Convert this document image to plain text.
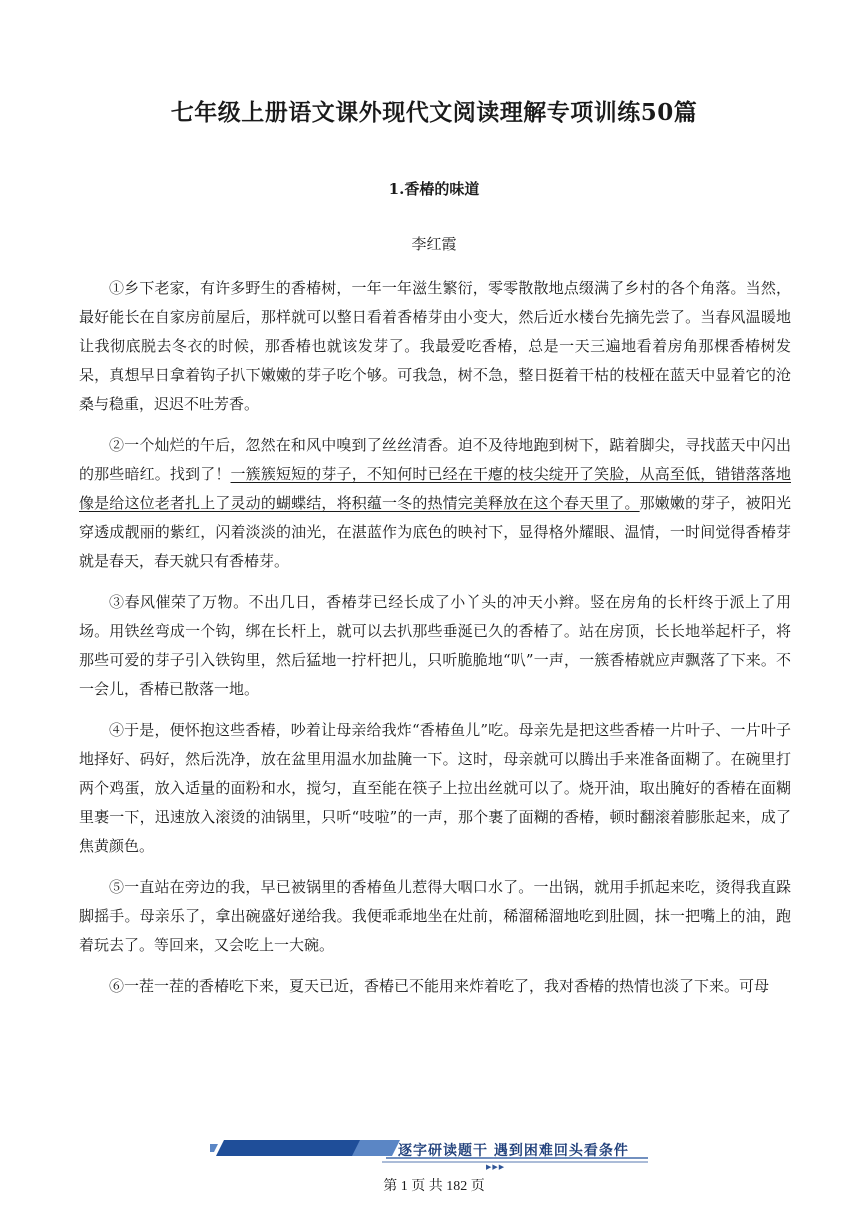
七年级上册语文课外现代文阅读理解专项训练50篇
1.香椿的味道

李红霞

①乡下老家，有许多野生的香椿树，一年一年滋生繁衍，零零散散地点缀满了乡村的各个角落。当然，最好能长在自家房前屋后，那样就可以整日看着香椿芽由小变大，然后近水楼台先摘先尝了。当春风温暖地让我彻底脱去冬衣的时候，那香椿也就该发芽了。我最爱吃香椿，总是一天三遍地看着房角那棵香椿树发呆，真想早日拿着钩子扒下嫩嫩的芽子吃个够。可我急，树不急，整日挺着干枯的枝桠在蓝天中显着它的沧桑与稳重，迟迟不吐芳香。

②一个灿烂的午后，忽然在和风中嗅到了丝丝清香。迫不及待地跑到树下，踮着脚尖，寻找蓝天中闪出的那些暗红。找到了！一簇簇短短的芽子，不知何时已经在干瘪的枝尖绽开了笑脸，从高至低，错错落落地像是给这位老者扎上了灵动的蝴蝶结，将积蕴一冬的热情完美释放在这个春天里了。那嫩嫩的芽子，被阳光穿透成靓丽的紫红，闪着淡淡的油光，在湛蓝作为底色的映衬下，显得格外耀眼、温情，一时间觉得香椿芽就是春天，春天就只有香椿芽。

③春风催荣了万物。不出几日，香椿芽已经长成了小丫头的冲天小辫。竖在房角的长杆终于派上了用场。用铁丝弯成一个钩，绑在长杆上，就可以去扒那些垂涎已久的香椿了。站在房顶，长长地举起杆子，将那些可爱的芽子引入铁钩里，然后猛地一拧杆把儿，只听脆脆地“叭”一声，一簇香椿就应声飘落了下来。不一会儿，香椿已散落一地。

④于是，便怀抱这些香椿，吵着让母亲给我炸“香椿鱼儿”吃。母亲先是把这些香椿一片叶子、一片叶子地择好、码好，然后洗净，放在盆里用温水加盐腌一下。这时，母亲就可以腾出手来准备面糊了。在碗里打两个鸡蛋，放入适量的面粉和水，搅匀，直至能在筷子上拉出丝就可以了。烧开油，取出腌好的香椿在面糊里裹一下，迅速放入滚烫的油锅里，只听“吱啦”的一声，那个裹了面糊的香椿，顿时翻滚着膨胀起来，成了焦黄颜色。

⑤一直站在旁边的我，早已被锅里的香椿鱼儿惹得大咽口水了。一出锅，就用手抓起来吃，烫得我直跺脚摇手。母亲乐了，拿出碗盛好递给我。我便乖乖地坐在灶前，稀溜稀溜地吃到肚圆，抹一把嘴上的油，跑着玩去了。等回来，又会吃上一大碗。

⑥一茬一茬的香椿吃下来，夏天已近，香椿已不能用来炸着吃了，我对香椿的热情也淡了下来。可母

逐字研读题干 遇到困难回头看条件
▶▶▶
第 1 页 共 182 页
